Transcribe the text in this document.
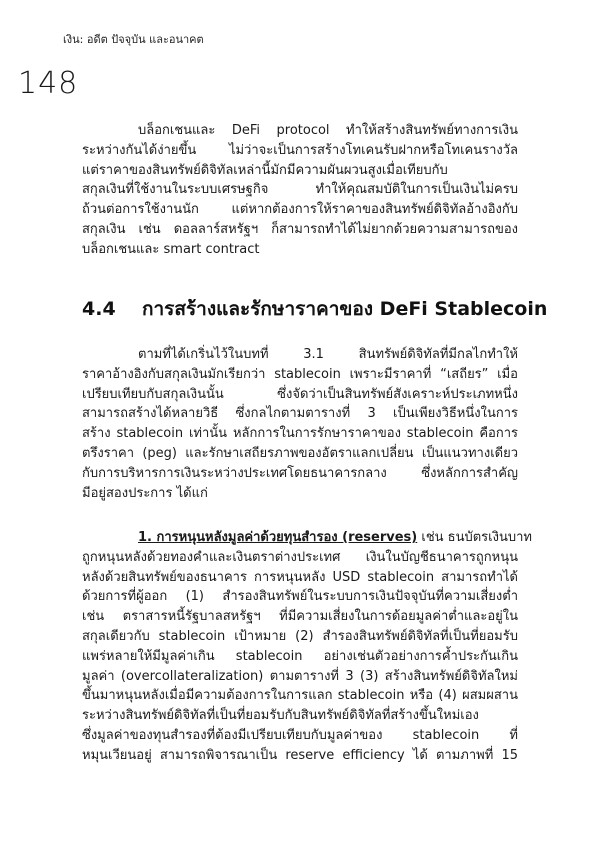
เงิน: อดีต ปัจจุบัน และอนาคต
148
บล็อกเชนและ DeFi protocol ทำให้สร้างสินทรัพย์ทางการเงิน
ระหว่างกันได้ง่ายขึ้น ไม่ว่าจะเป็นการสร้างโทเคนรับฝากหรือโทเคนรางวัล
แต่ราคาของสินทรัพย์ดิจิทัลเหล่านี้มักมีความผันผวนสูงเมื่อเทียบกับ
สกุลเงินที่ใช้งานในระบบเศรษฐกิจ ทำให้คุณสมบัติในการเป็นเงินไม่ครบ
ถ้วนต่อการใช้งานนัก แต่หากต้องการให้ราคาของสินทรัพย์ดิจิทัลอ้างอิงกับ
สกุลเงิน เช่น ดอลลาร์สหรัฐฯ ก็สามารถทำได้ไม่ยากด้วยความสามารถของ
บล็อกเชนและ smart contract
4.4 การสร้างและรักษาราคาของ DeFi Stablecoin
ตามที่ได้เกริ่นไว้ในบทที่ 3.1 สินทรัพย์ดิจิทัลที่มีกลไกทำให้
ราคาอ้างอิงกับสกุลเงินมักเรียกว่า stablecoin เพราะมีราคาที่ “เสถียร” เมื่อ
เปรียบเทียบกับสกุลเงินนั้น ซึ่งจัดว่าเป็นสินทรัพย์สังเคราะห์ประเภทหนึ่ง
สามารถสร้างได้หลายวิธี ซึ่งกลไกตามตารางที่ 3 เป็นเพียงวิธีหนึ่งในการ
สร้าง stablecoin เท่านั้น หลักการในการรักษาราคาของ stablecoin คือการ
ตรึงราคา (peg) และรักษาเสถียรภาพของอัตราแลกเปลี่ยน เป็นแนวทางเดียว
กับการบริหารการเงินระหว่างประเทศโดยธนาคารกลาง ซึ่งหลักการสำคัญ
มีอยู่สองประการ ได้แก่
1. การหนุนหลังมูลค่าด้วยทุนสำรอง (reserves) เช่น ธนบัตรเงินบาท
ถูกหนุนหลังด้วยทองคำและเงินตราต่างประเทศ เงินในบัญชีธนาคารถูกหนุน
หลังด้วยสินทรัพย์ของธนาคาร การหนุนหลัง USD stablecoin สามารถทำได้
ด้วยการที่ผู้ออก (1) สำรองสินทรัพย์ในระบบการเงินปัจจุบันที่ความเสี่ยงต่ำ
เช่น ตราสารหนี้รัฐบาลสหรัฐฯ ที่มีความเสี่ยงในการด้อยมูลค่าต่ำและอยู่ใน
สกุลเดียวกับ stablecoin เป้าหมาย (2) สำรองสินทรัพย์ดิจิทัลที่เป็นที่ยอมรับ
แพร่หลายให้มีมูลค่าเกิน stablecoin อย่างเช่นตัวอย่างการค้ำประกันเกิน
มูลค่า (overcollateralization) ตามตารางที่ 3 (3) สร้างสินทรัพย์ดิจิทัลใหม่
ขึ้นมาหนุนหลังเมื่อมีความต้องการในการแลก stablecoin หรือ (4) ผสมผสาน
ระหว่างสินทรัพย์ดิจิทัลที่เป็นที่ยอมรับกับสินทรัพย์ดิจิทัลที่สร้างขึ้นใหม่เอง
ซึ่งมูลค่าของทุนสำรองที่ต้องมีเปรียบเทียบกับมูลค่าของ stablecoin ที่
หมุนเวียนอยู่ สามารถพิจารณาเป็น reserve efficiency ได้ ตามภาพที่ 15
